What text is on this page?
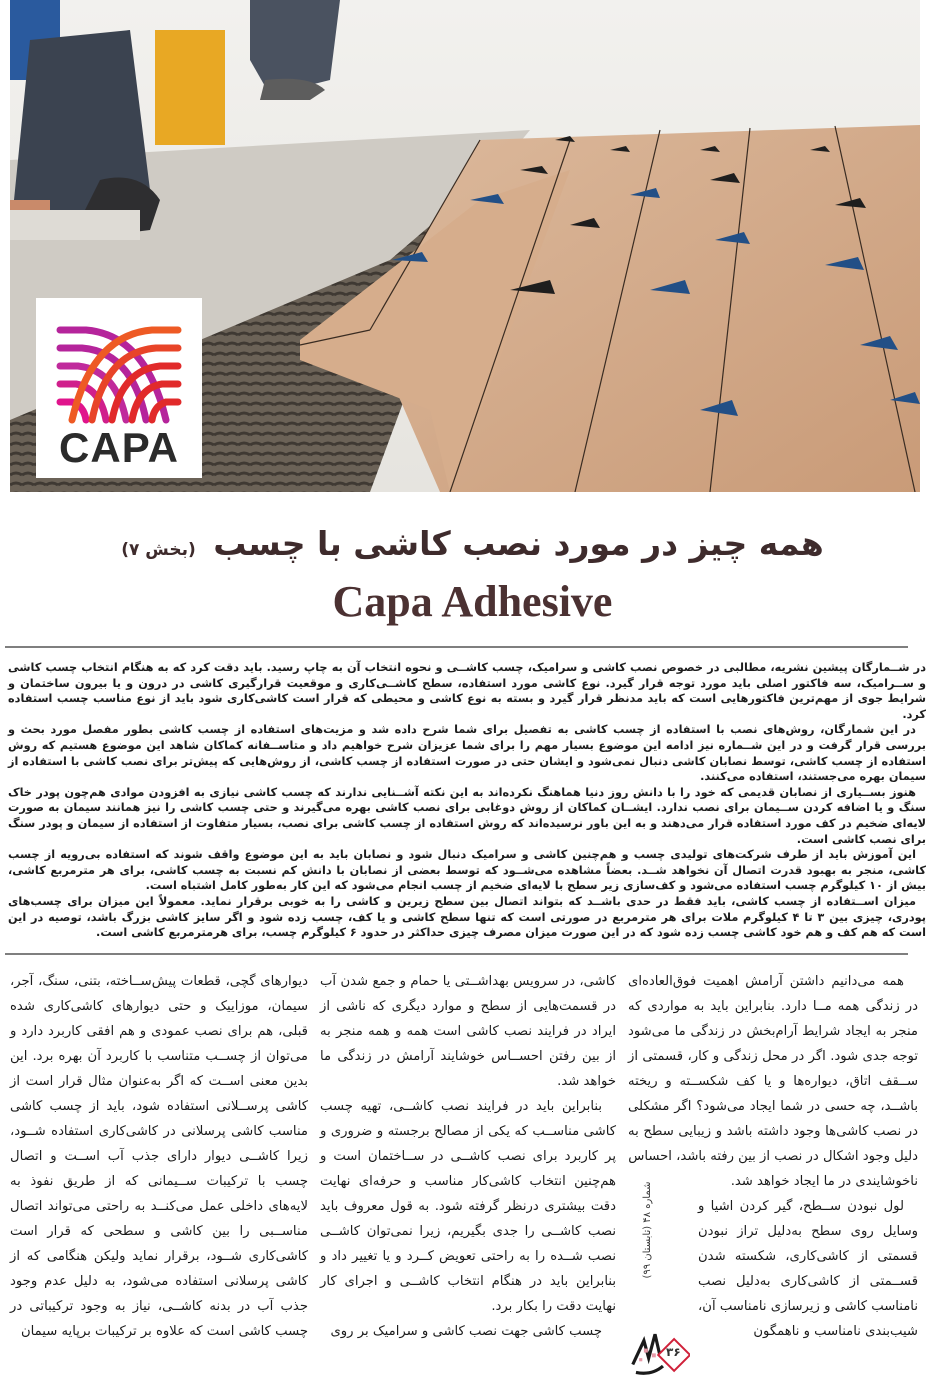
CAPA
همه چیز در مورد نصب کاشی با چسب (بخش ۷)
Capa Adhesive

در شــمارگان پیشین نشریه، مطالبی در خصوص نصب کاشی و سرامیک، چسب کاشــی و نحوه انتخاب آن به چاپ رسید. باید دقت کرد که به هنگام انتخاب چسب کاشی و ســرامیک، سه فاکتور اصلی باید مورد توجه قرار گیرد. نوع کاشی مورد استفاده، سطح کاشــی‌کاری و موقعیت قرارگیری کاشی در درون و یا بیرون ساختمان و شرایط جوی از مهم‌ترین فاکتورهایی است که باید مدنظر قرار گیرد و بسته به نوع کاشی و محیطی که قرار است کاشی‌کاری شود باید از نوع مناسب چسب استفاده کرد.

در این شمارگان، روش‌های نصب با استفاده از چسب کاشی به تفصیل برای شما شرح داده شد و مزیت‌های استفاده از چسب کاشی بطور مفصل مورد بحث و بررسی قرار گرفت و در این شــماره نیز ادامه این موضوع بسیار مهم را برای شما عزیزان شرح خواهیم داد و متاســفانه کماکان شاهد این موضوع هستیم که روش استفاده از چسب کاشی، توسط نصابان کاشی دنبال نمی‌شود و ایشان حتی در صورت استفاده از چسب کاشی، از روش‌هایی که پیش‌تر برای نصب کاشی با استفاده از سیمان بهره می‌جستند، استفاده می‌کنند.

هنوز بســیاری از نصابان قدیمی که خود را با دانش روز دنیا هماهنگ نکرده‌اند به این نکته آشــنایی ندارند که چسب کاشی نیازی به افزودن موادی هم‌چون پودر خاک سنگ و یا اضافه کردن ســیمان برای نصب ندارد. ایشــان کماکان از روش دوغابی برای نصب کاشی بهره می‌گیرند و حتی چسب کاشی را نیز همانند سیمان به صورت لایه‌ای ضخیم در کف مورد استفاده قرار می‌دهند و به این باور نرسیده‌اند که روش استفاده از چسب کاشی برای نصب، بسیار متفاوت از استفاده از سیمان و پودر سنگ برای نصب کاشی است.

این آموزش باید از طرف شرکت‌های تولیدی چسب و هم‌چنین کاشی و سرامیک دنبال شود و نصابان باید به این موضوع واقف شوند که استفاده بی‌رویه از چسب کاشی، منجر به بهبود قدرت اتصال آن نخواهد شــد. بعضاً مشاهده می‌شــود که توسط بعضی از نصابان با دانش کم نسبت به چسب کاشی، برای هر مترمربع کاشی، بیش از ۱۰ کیلوگرم چسب استفاده می‌شود و کف‌سازی زیر سطح با لایه‌ای ضخیم از چسب انجام می‌شود که این کار به‌طور کامل اشتباه است.

میزان اســتفاده از چسب کاشی، باید فقط در حدی باشــد که بتواند اتصال بین سطح زیرین و کاشی را به خوبی برقرار نماید. معمولاً این میزان برای چسب‌های پودری، چیزی بین ۳ تا ۴ کیلوگرم ملات برای هر مترمربع در صورتی است که تنها سطح کاشی و یا کف، چسب زده شود و اگر سایز کاشی بزرگ باشد، توصیه در این است که هم کف و هم خود کاشی چسب زده شود که در این صورت میزان مصرف چیزی حداکثر در حدود ۶ کیلوگرم چسب، برای هرمترمربع کاشی است.

همه می‌دانیم داشتن آرامش اهمیت فوق‌العاده‌ای در زندگی همه مــا دارد. بنابراین باید به مواردی که منجر به ایجاد شرایط آرام‌بخش در زندگی ما می‌شود توجه جدی شود. اگر در محل زندگی و کار، قسمتی از ســقف اتاق، دیواره‌ها و یا کف شکســته و ریخته باشــد، چه حسی در شما ایجاد می‌شود؟ اگر مشکلی در نصب کاشی‌ها وجود داشته باشد و زیبایی سطح به دلیل وجود اشکال در نصب از بین رفته باشد، احساس

شماره ۴۸ (تابستان ۹۹)
۳۶

ناخوشایندی در ما ایجاد خواهد شد.

لول نبودن ســطح، گیر کردن اشیا و وسایل روی سطح به‌دلیل تراز نبودن قسمتی از کاشی‌کاری، شکسته شدن قســمتی از کاشی‌کاری به‌دلیل نصب نامناسب کاشی و زیرسازی نامناسب آن، شیب‌بندی نامناسب و ناهمگون

کاشی، در سرویس بهداشــتی یا حمام و جمع شدن آب در قسمت‌هایی از سطح و موارد دیگری که ناشی از ایراد در فرایند نصب کاشی است همه و همه منجر به از بین رفتن احســاس خوشایند آرامش در زندگی ما خواهد شد.

بنابراین باید در فرایند نصب کاشــی، تهیه چسب کاشی مناســب که یکی از مصالح برجسته و ضروری و پر کاربرد برای نصب کاشــی در ســاختمان است و هم‌چنین انتخاب کاشی‌کار مناسب و حرفه‌ای نهایت دقت بیشتری درنظر گرفته شود. به قول معروف باید نصب کاشــی را جدی بگیریم، زیرا نمی‌توان کاشــی نصب شــده را به راحتی تعویض کــرد و یا تغییر داد و بنابراین باید در هنگام انتخاب کاشــی و اجرای کار نهایت دقت را بکار برد.

چسب کاشی جهت نصب کاشی و سرامیک بر روی

دیوارهای گچی، قطعات پیش‌ســاخته، بتنی، سنگ، آجر، سیمان، موزاییک و حتی دیوارهای کاشی‌کاری شده قبلی، هم برای نصب عمودی و هم افقی کاربرد دارد و می‌توان از چســب متناسب با کاربرد آن بهره برد. این بدین معنی اســت که اگر به‌عنوان مثال قرار است از کاشی پرســلانی استفاده شود، باید از چسب کاشی مناسب کاشی پرسلانی در کاشی‌کاری استفاده شــود، زیرا کاشــی دیوار دارای جذب آب اســت و اتصال چسب با ترکیبات ســیمانی که از طریق نفوذ به لایه‌های داخلی عمل می‌کنــد به راحتی می‌تواند اتصال مناســبی را بین کاشی و سطحی که قرار است کاشی‌کاری شــود، برقرار نماید ولیکن هنگامی که از کاشی پرسلانی استفاده می‌شود، به دلیل عدم وجود جذب آب در بدنه کاشــی، نیاز به وجود ترکیباتی در چسب کاشی است که علاوه بر ترکیبات برپایه سیمان
